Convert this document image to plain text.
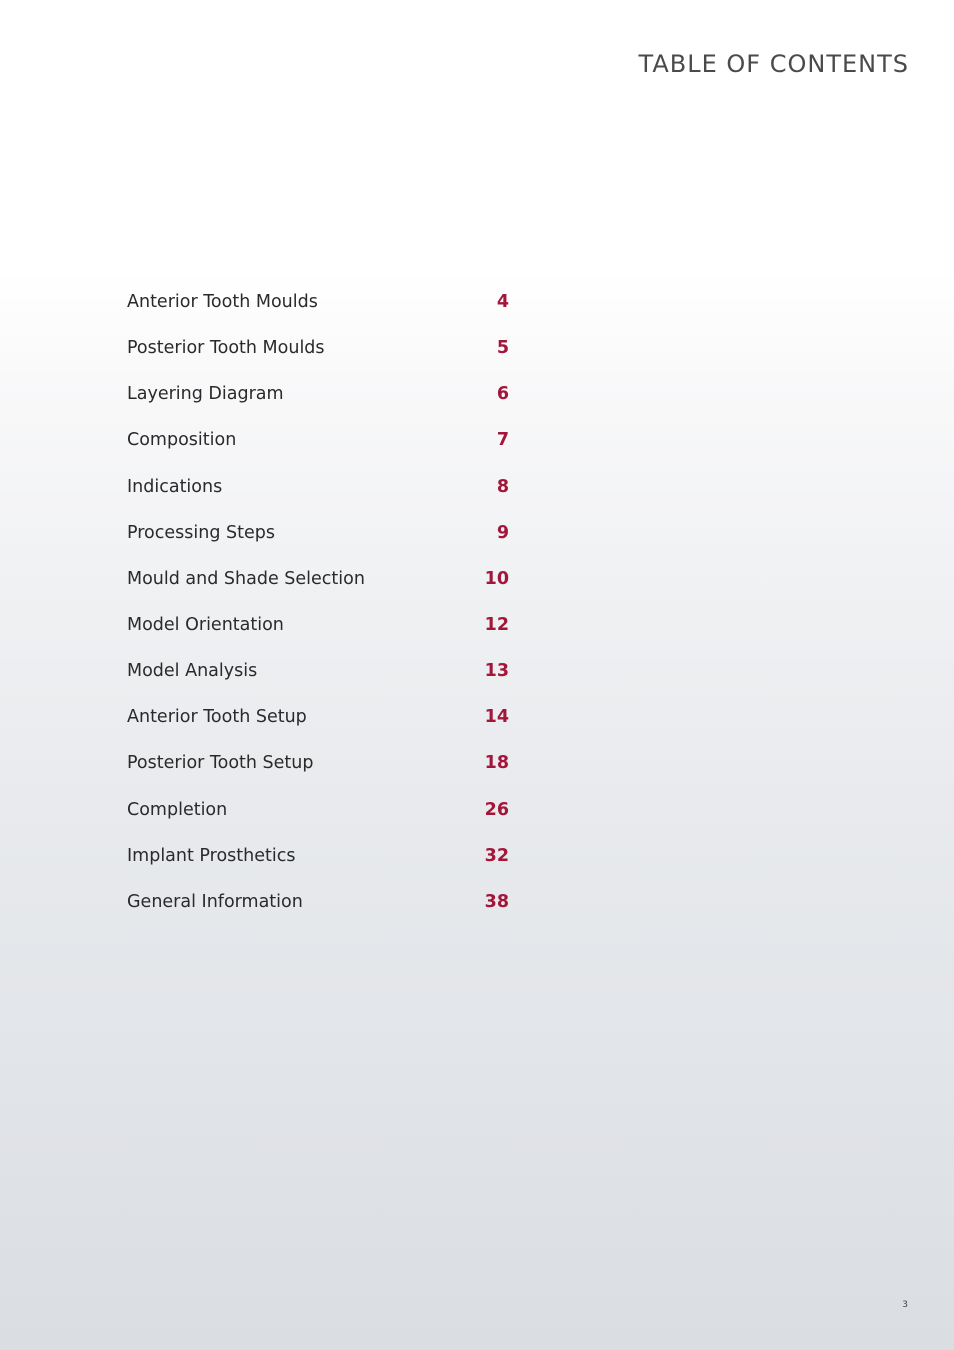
TABLE OF CONTENTS
Anterior Tooth Moulds	4
Posterior Tooth Moulds	5
Layering Diagram	6
Composition	7
Indications	8
Processing Steps	9
Mould and Shade Selection	10
Model Orientation	12
Model Analysis	13
Anterior Tooth Setup	14
Posterior Tooth Setup	18
Completion	26
Implant Prosthetics	32
General Information	38
3
